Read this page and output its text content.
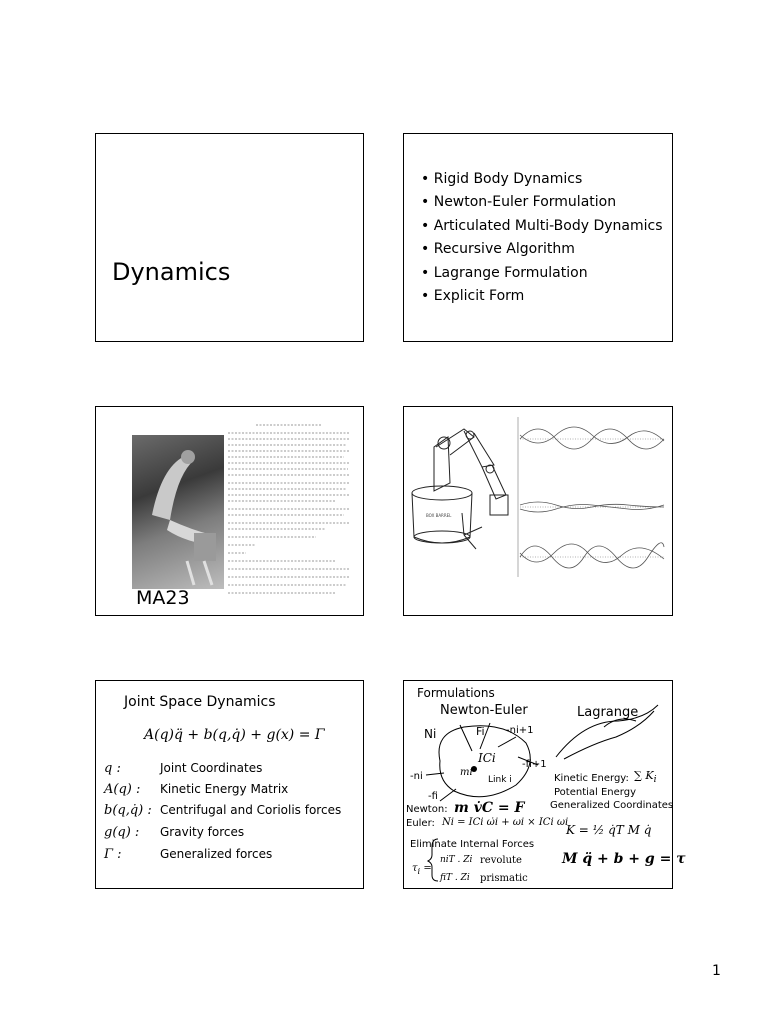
Dynamics
• Rigid Body Dynamics
• Newton-Euler Formulation
• Articulated Multi-Body Dynamics
• Recursive Algorithm
• Lagrange Formulation
• Explicit Form
MA23
BOX BARREL
Joint Space Dynamics
A(q)q̈ + b(q,q̇) + g(x) = Γ
q :	Joint Coordinates
A(q) : Kinetic Energy Matrix
b(q,q̇) : Centrifugal and Coriolis forces
g(q) : Gravity forces
Γ :	Generalized forces
Formulations
Newton-Euler	Lagrange
Ni	Fi -ni+1
-fi+1
ICi
mi
Link i
-ni
-fi
Newton: m v̇C = F
Euler: Ni = ICi ω̇i + ωi × ICi ωi
Eliminate Internal Forces
$\tau_i$ =
niT . Zi revolute
fiT . Zi prismatic
Kinetic Energy: ∑ $K_i$
Potential Energy
Generalized Coordinates
K = ½ q̇T M q̇
M q̈ + b + g = τ
1
